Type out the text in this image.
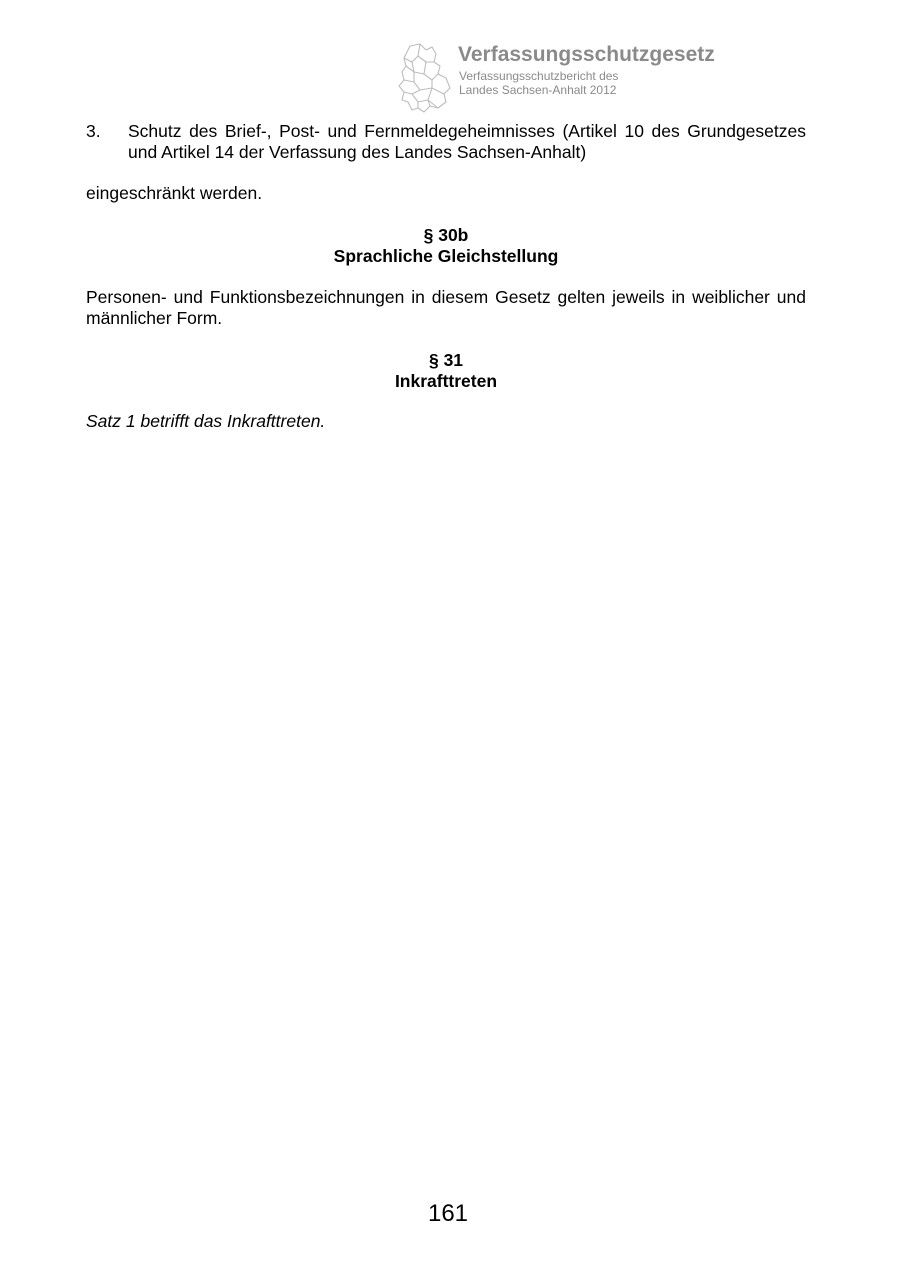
Verfassungsschutzgesetz
Verfassungsschutzbericht des
Landes Sachsen-Anhalt 2012
3. Schutz des Brief-, Post- und Fernmeldegeheimnisses (Artikel 10 des Grundgesetzes und Artikel 14 der Verfassung des Landes Sachsen-Anhalt)
eingeschränkt werden.
§ 30b
Sprachliche Gleichstellung
Personen- und Funktionsbezeichnungen in diesem Gesetz gelten jeweils in weiblicher und männlicher Form.
§ 31
Inkrafttreten
Satz 1 betrifft das Inkrafttreten.
161
